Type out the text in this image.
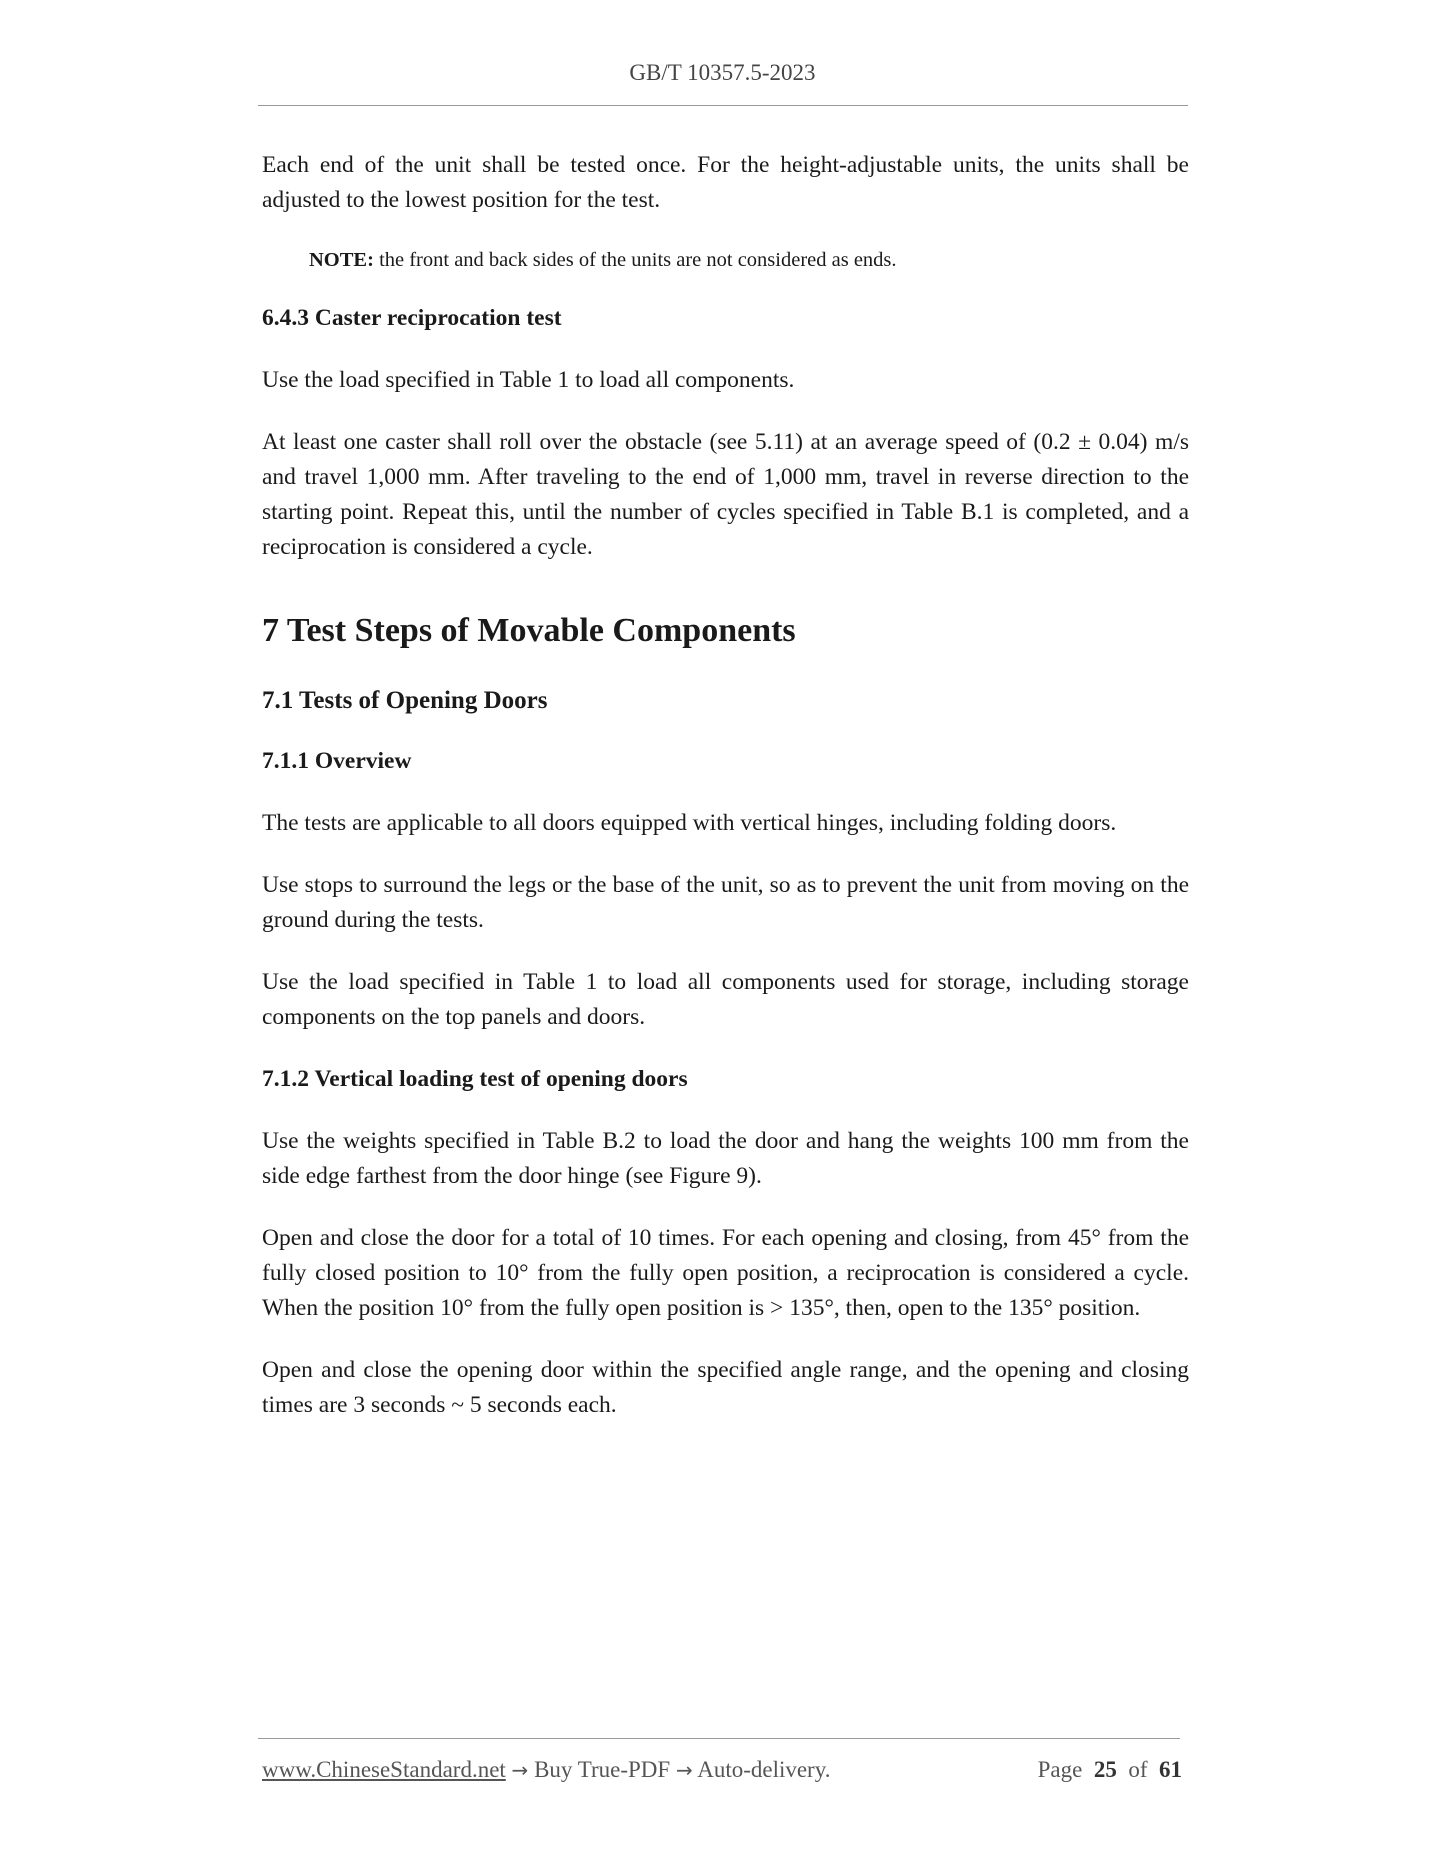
GB/T 10357.5-2023

Each end of the unit shall be tested once. For the height-adjustable units, the units shall be adjusted to the lowest position for the test.

NOTE: the front and back sides of the units are not considered as ends.

6.4.3 Caster reciprocation test

Use the load specified in Table 1 to load all components.

At least one caster shall roll over the obstacle (see 5.11) at an average speed of (0.2 ± 0.04) m/s and travel 1,000 mm. After traveling to the end of 1,000 mm, travel in reverse direction to the starting point. Repeat this, until the number of cycles specified in Table B.1 is completed, and a reciprocation is considered a cycle.

7 Test Steps of Movable Components
7.1 Tests of Opening Doors
7.1.1 Overview

The tests are applicable to all doors equipped with vertical hinges, including folding doors.

Use stops to surround the legs or the base of the unit, so as to prevent the unit from moving on the ground during the tests.

Use the load specified in Table 1 to load all components used for storage, including storage components on the top panels and doors.

7.1.2 Vertical loading test of opening doors

Use the weights specified in Table B.2 to load the door and hang the weights 100 mm from the side edge farthest from the door hinge (see Figure 9).

Open and close the door for a total of 10 times. For each opening and closing, from 45° from the fully closed position to 10° from the fully open position, a reciprocation is considered a cycle. When the position 10° from the fully open position is > 135°, then, open to the 135° position.

Open and close the opening door within the specified angle range, and the opening and closing times are 3 seconds ~ 5 seconds each.

www.ChineseStandard.net → Buy True-PDF → Auto-delivery.	Page 25 of 61
